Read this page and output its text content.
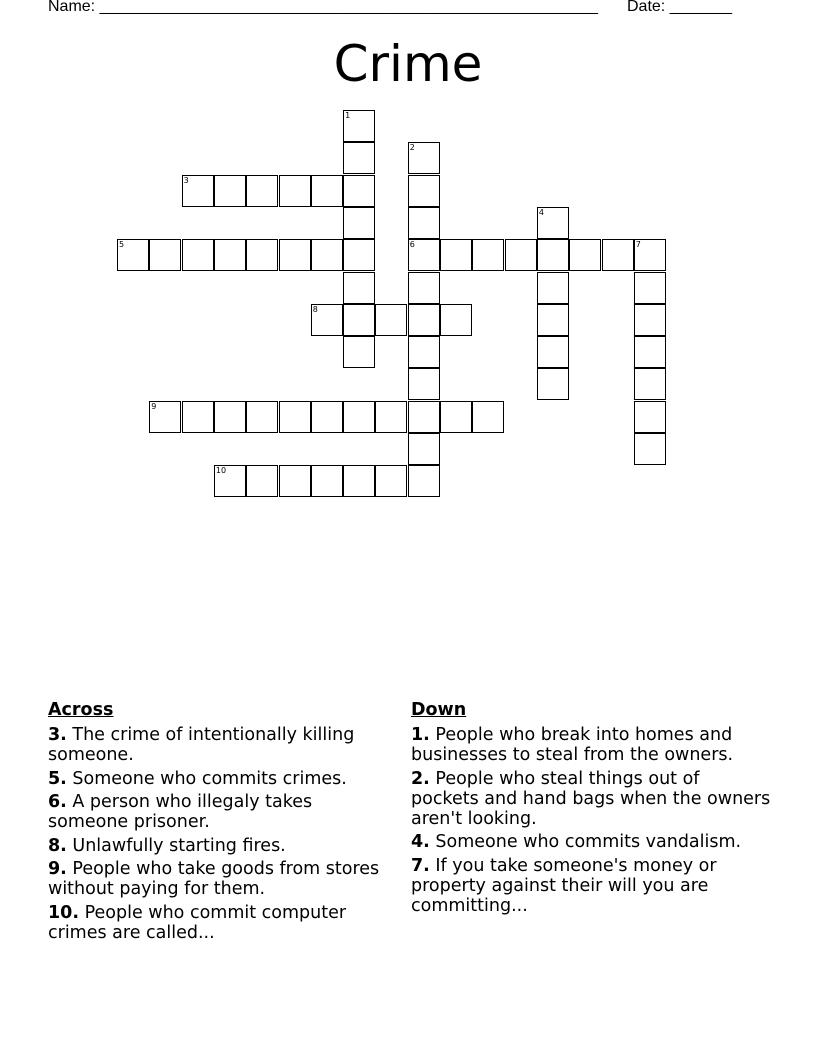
Name: ________________________________________________________ Date: _______
Crime
1
2
3
4
5	6	7
8
9
10
Across
3. The crime of intentionally killing someone.
5. Someone who commits crimes.
6. A person who illegaly takes someone prisoner.
8. Unlawfully starting fires.
9. People who take goods from stores without paying for them.
10. People who commit computer crimes are called...
Down
1. People who break into homes and businesses to steal from the owners.
2. People who steal things out of pockets and hand bags when the owners aren't looking.
4. Someone who commits vandalism.
7. If you take someone's money or property against their will you are committing...
